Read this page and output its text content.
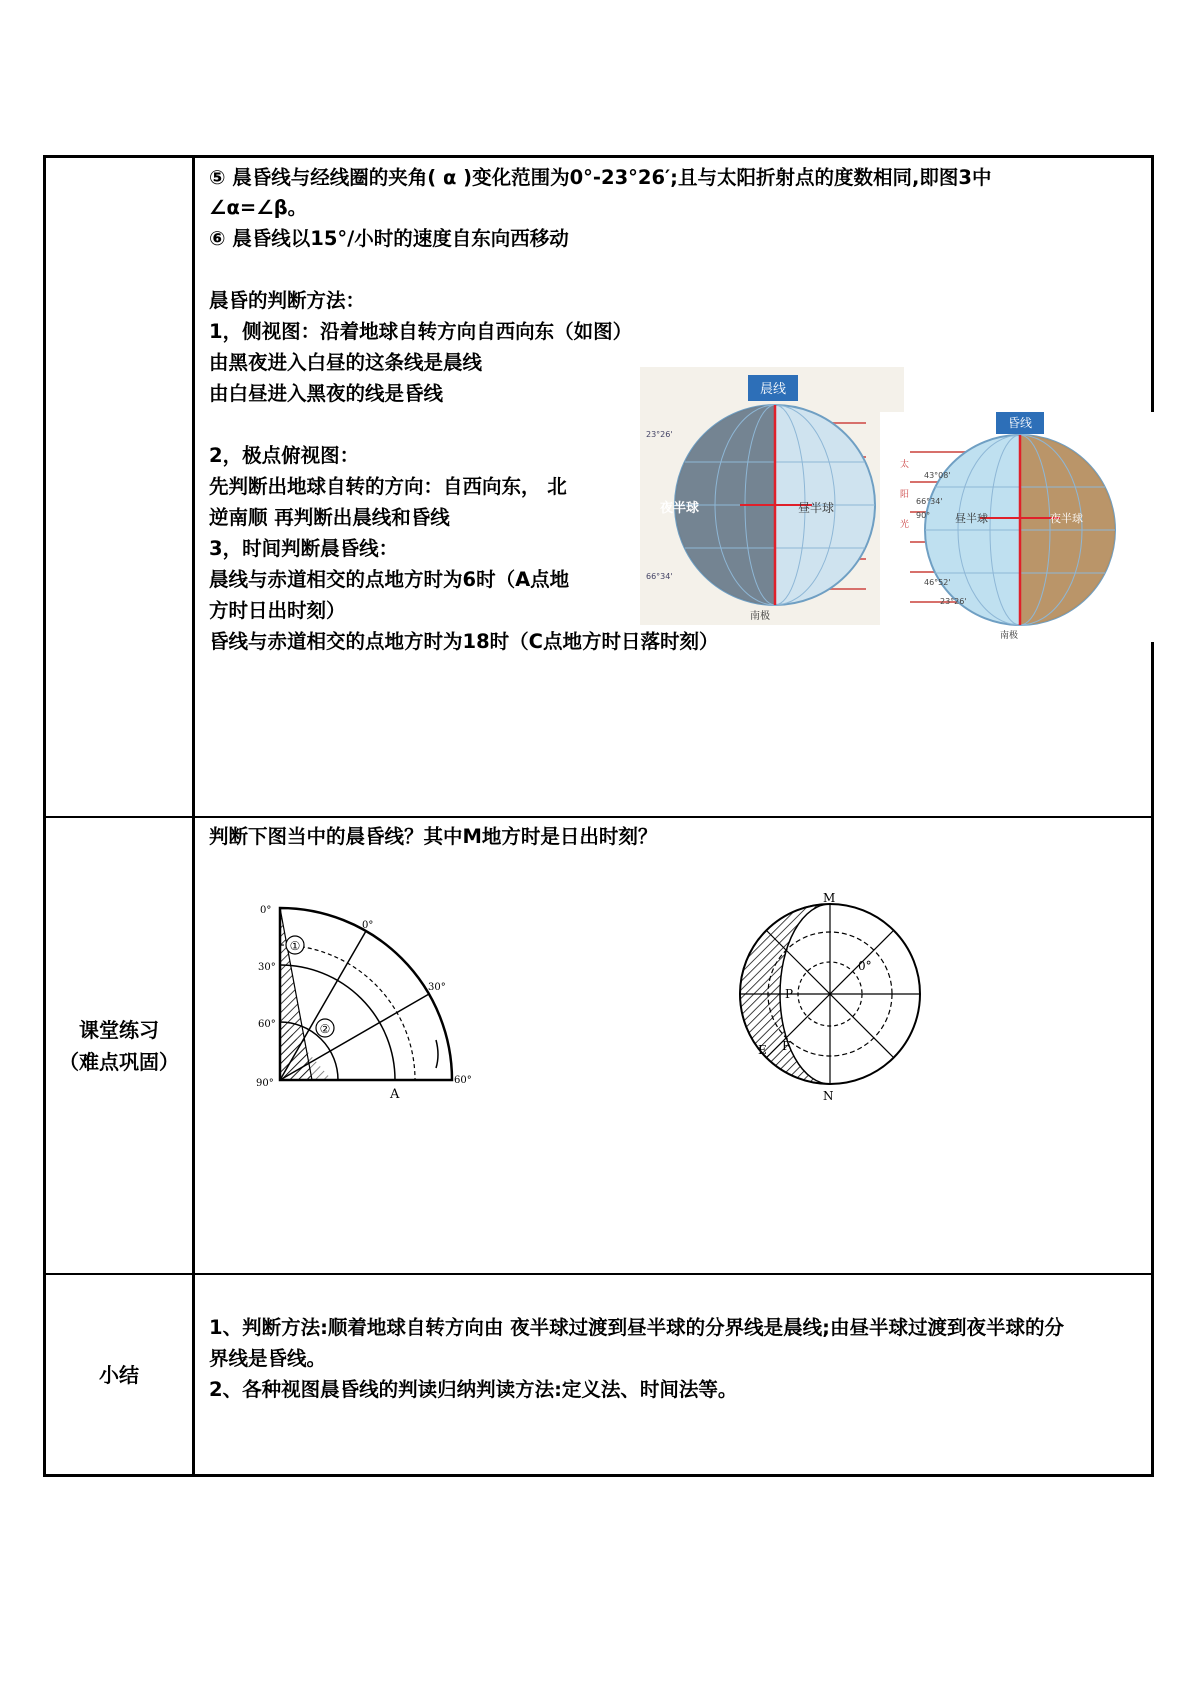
⑤ 晨昏线与经线圈的夹角( α )变化范围为0°-23°26′;且与太阳折射点的度数相同,即图3中
∠α=∠β。
⑥ 晨昏线以15°/小时的速度自东向西移动
晨昏的判断方法：
1，侧视图：沿着地球自转方向自西向东（如图）
由黑夜进入白昼的这条线是晨线
由白昼进入黑夜的线是昏线
2，极点俯视图：
先判断出地球自转的方向：自西向东， 北
逆南顺 再判断出晨线和昏线
3，时间判断晨昏线：
晨线与赤道相交的点地方时为6时（A点地
方时日出时刻）
昏线与赤道相交的点地方时为18时（C点地方时日落时刻）
课堂练习
（难点巩固）
判断下图当中的晨昏线？其中M地方时是日出时刻？
小结
1、判断方法:顺着地球自转方向由 夜半球过渡到昼半球的分界线是晨线;由昼半球过渡到夜半球的分
界线是昏线。
2、各种视图晨昏线的判读归纳判读方法:定义法、时间法等。
晨线
夜半球	昼半球
南极
23°26'
66°34'
昏线
昼半球	夜半球
南极
太
阳
光
43°08'
66°34'
90°
46°52'
23°26'
①
②
0°
30°
60°
90°
0°
30°
60°
A
M
N
P
E F
0°
